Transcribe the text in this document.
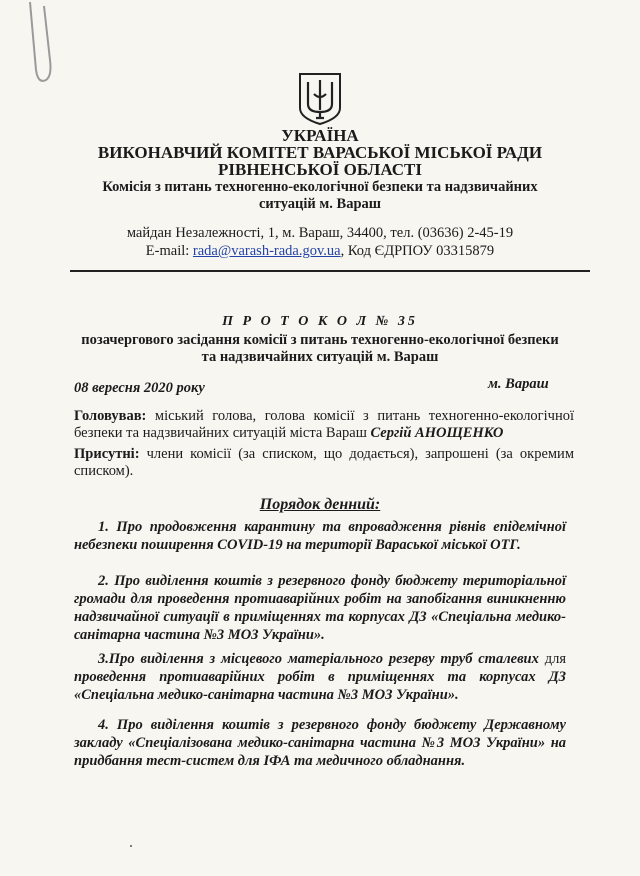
УКРАЇНА
ВИКОНАВЧИЙ КОМІТЕТ ВАРАСЬКОЇ МІСЬКОЇ РАДИ
РІВНЕНСЬКОЇ ОБЛАСТІ
Комісія з питань техногенно-екологічної безпеки та надзвичайних
ситуацій м. Вараш
майдан Незалежності, 1, м. Вараш, 34400, тел. (03636) 2-45-19
E-mail: rada@varash-rada.gov.ua, Код ЄДРПОУ 03315879
П Р О Т О К О Л № 35
позачергового засідання комісії з питань техногенно-екологічної безпеки
та надзвичайних ситуацій м. Вараш
08 вересня 2020 року	м. Вараш
Головував: міський голова, голова комісії з питань техногенно-екологічної безпеки та надзвичайних ситуацій міста Вараш Сергій АНОЩЕНКО
Присутні: члени комісії (за списком, що додається), запрошені (за окремим списком).
Порядок денний:
1. Про продовження карантину та впровадження рівнів епідемічної небезпеки поширення COVID-19 на території Вараської міської ОТГ.
2. Про виділення коштів з резервного фонду бюджету територіальної громади для проведення протиаварійних робіт на запобігання виникненню надзвичайної ситуації в приміщеннях та корпусах ДЗ «Спеціальна медико-санітарна частина №3 МОЗ України».
3.Про виділення з місцевого матеріального резерву труб сталевих для проведення протиаварійних робіт в приміщеннях та корпусах ДЗ «Спеціальна медико-санітарна частина №3 МОЗ України».
4. Про виділення коштів з резервного фонду бюджету Державному закладу «Спеціалізована медико-санітарна частина №3 МОЗ України» на придбання тест-систем для ІФА та медичного обладнання.
